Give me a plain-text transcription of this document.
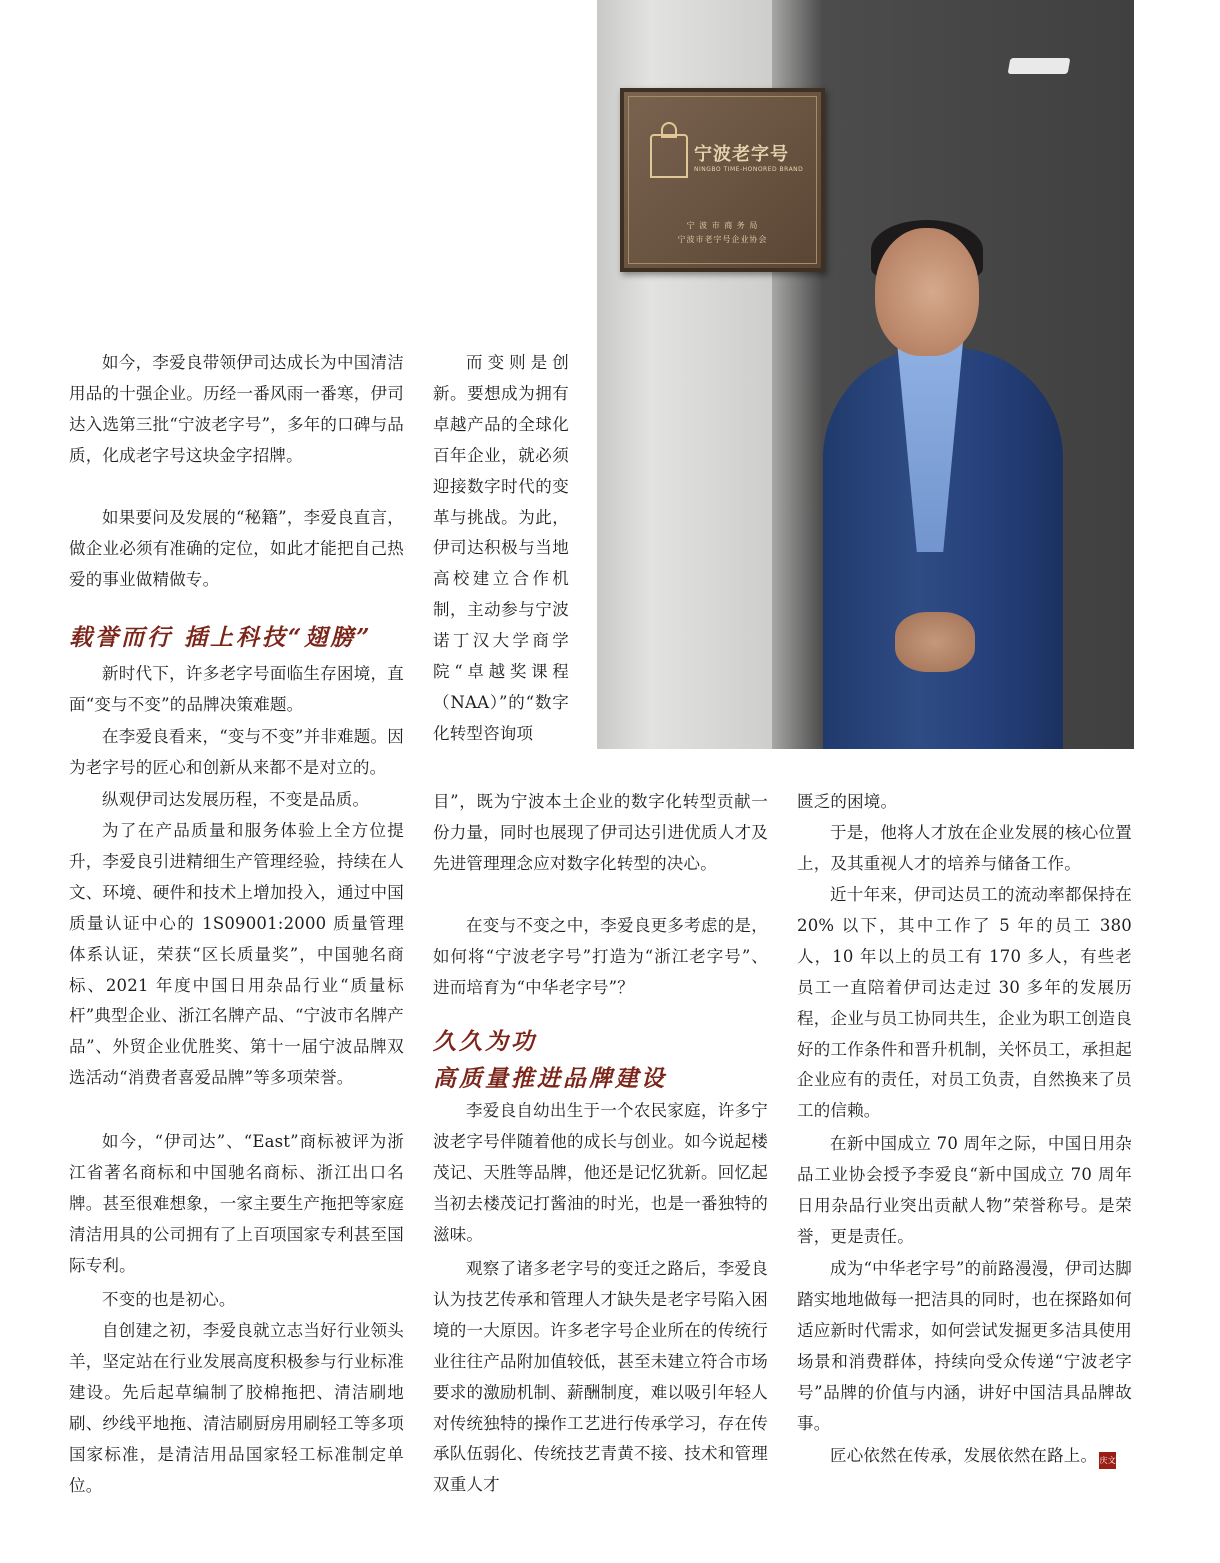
宁波老字号
NINGBO TIME-HONORED BRAND
宁 波 市 商 务 局
宁波市老字号企业协会

如今，李爱良带领伊司达成长为中国清洁用品的十强企业。历经一番风雨一番寒，伊司达入选第三批“宁波老字号”，多年的口碑与品质，化成老字号这块金字招牌。

如果要问及发展的“秘籍”，李爱良直言，做企业必须有准确的定位，如此才能把自己热爱的事业做精做专。

载誉而行 插上科技“翅膀”

新时代下，许多老字号面临生存困境，直面“变与不变”的品牌决策难题。

在李爱良看来，“变与不变”并非难题。因为老字号的匠心和创新从来都不是对立的。

纵观伊司达发展历程，不变是品质。

为了在产品质量和服务体验上全方位提升，李爱良引进精细生产管理经验，持续在人文、环境、硬件和技术上增加投入，通过中国质量认证中心的 1S09001:2000 质量管理体系认证，荣获“区长质量奖”，中国驰名商标、2021 年度中国日用杂品行业“质量标杆”典型企业、浙江名牌产品、“宁波市名牌产品”、外贸企业优胜奖、第十一届宁波品牌双选活动“消费者喜爱品牌”等多项荣誉。

如今，“伊司达”、“East”商标被评为浙江省著名商标和中国驰名商标、浙江出口名牌。甚至很难想象，一家主要生产拖把等家庭清洁用具的公司拥有了上百项国家专利甚至国际专利。

不变的也是初心。

自创建之初，李爱良就立志当好行业领头羊，坚定站在行业发展高度积极参与行业标准建设。先后起草编制了胶棉拖把、清洁刷地刷、纱线平地拖、清洁刷厨房用刷轻工等多项国家标准，是清洁用品国家轻工标准制定单位。

而变则是创新。要想成为拥有卓越产品的全球化百年企业，就必须迎接数字时代的变革与挑战。为此，伊司达积极与当地高校建立合作机制，主动参与宁波诺丁汉大学商学院“卓越奖课程（NAA）”的“数字化转型咨询项

目”，既为宁波本土企业的数字化转型贡献一份力量，同时也展现了伊司达引进优质人才及先进管理理念应对数字化转型的决心。

在变与不变之中，李爱良更多考虑的是，如何将“宁波老字号”打造为“浙江老字号”、进而培育为“中华老字号”？

久久为功
高质量推进品牌建设

李爱良自幼出生于一个农民家庭，许多宁波老字号伴随着他的成长与创业。如今说起楼茂记、天胜等品牌，他还是记忆犹新。回忆起当初去楼茂记打酱油的时光，也是一番独特的滋味。

观察了诸多老字号的变迁之路后，李爱良认为技艺传承和管理人才缺失是老字号陷入困境的一大原因。许多老字号企业所在的传统行业往往产品附加值较低，甚至未建立符合市场要求的激励机制、薪酬制度，难以吸引年轻人对传统独特的操作工艺进行传承学习，存在传承队伍弱化、传统技艺青黄不接、技术和管理双重人才

匮乏的困境。

于是，他将人才放在企业发展的核心位置上，及其重视人才的培养与储备工作。

近十年来，伊司达员工的流动率都保持在 20% 以下，其中工作了 5 年的员工 380 人，10 年以上的员工有 170 多人，有些老员工一直陪着伊司达走过 30 多年的发展历程，企业与员工协同共生，企业为职工创造良好的工作条件和晋升机制，关怀员工，承担起企业应有的责任，对员工负责，自然换来了员工的信赖。

在新中国成立 70 周年之际，中国日用杂品工业协会授予李爱良“新中国成立 70 周年日用杂品行业突出贡献人物”荣誉称号。是荣誉，更是责任。

成为“中华老字号”的前路漫漫，伊司达脚踏实地地做每一把洁具的同时，也在探路如何适应新时代需求，如何尝试发掘更多洁具使用场景和消费群体，持续向受众传递“宁波老字号”品牌的价值与内涵，讲好中国洁具品牌故事。

匠心依然在传承，发展依然在路上。 庆文
